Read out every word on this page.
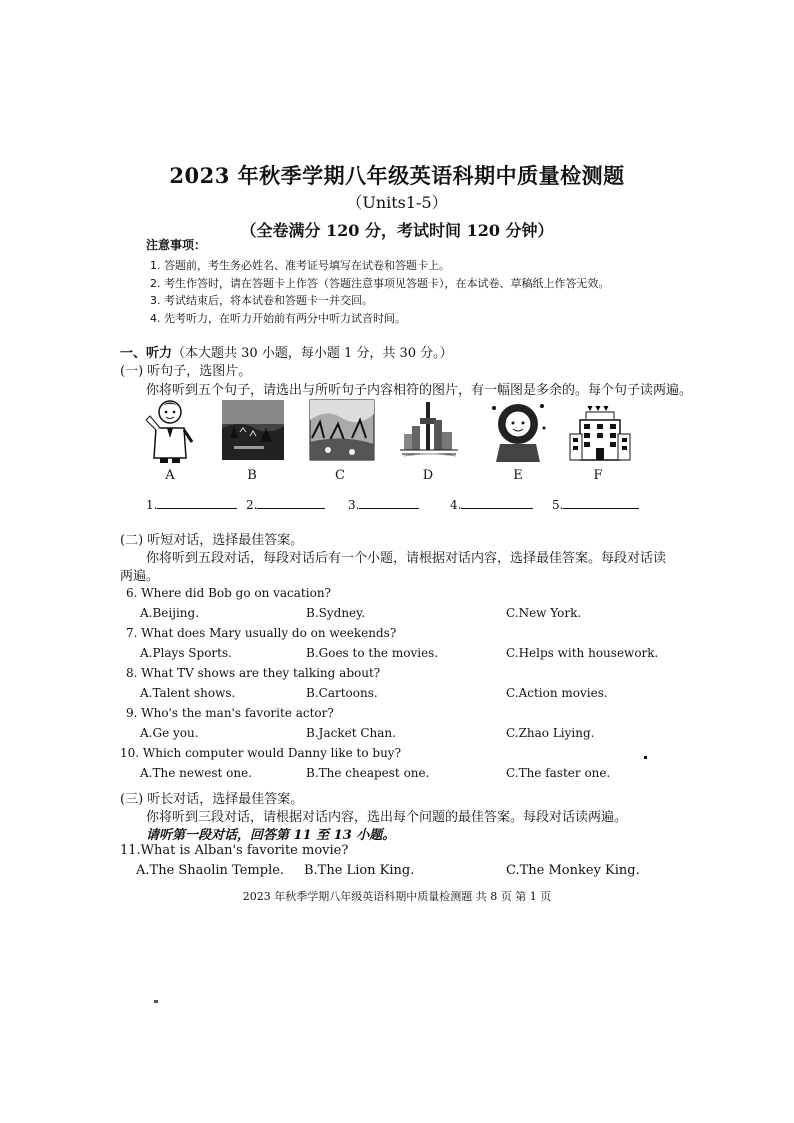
2023 年秋季学期八年级英语科期中质量检测题
（Units1-5）
（全卷满分 120 分，考试时间 120 分钟）
注意事项：
1. 答题前，考生务必姓名、准考证号填写在试卷和答题卡上。
2. 考生作答时，请在答题卡上作答（答题注意事项见答题卡），在本试卷、草稿纸上作答无效。
3. 考试结束后，将本试卷和答题卡一并交回。
4. 先考听力，在听力开始前有两分中听力试音时间。
一、听力（本大题共 30 小题，每小题 1 分，共 30 分。）
(一) 听句子，选图片。
你将听到五个句子，请选出与所听句子内容相符的图片，有一幅图是多余的。每个句子读两遍。
A	B	C	D	E	F
1.	2.	3.	4.	5.
(二) 听短对话，选择最佳答案。
你将听到五段对话，每段对话后有一个小题，请根据对话内容，选择最佳答案。每段对话读
两遍。
6. Where did Bob go on vacation?
A.Beijing.	B.Sydney.	C.New York.
7. What does Mary usually do on weekends?
A.Plays Sports.	B.Goes to the movies.	C.Helps with housework.
8. What TV shows are they talking about?
A.Talent shows.	B.Cartoons.	C.Action movies.
9. Who's the man's favorite actor?
A.Ge you.	B.Jacket Chan.	C.Zhao Liying.
10. Which computer would Danny like to buy?
A.The newest one.	B.The cheapest one.	C.The faster one.
(三) 听长对话，选择最佳答案。
你将听到三段对话，请根据对话内容，选出每个问题的最佳答案。每段对话读两遍。
请听第一段对话，回答第 11 至 13 小题。
11.What is Alban's favorite movie?
A.The Shaolin Temple. B.The Lion King.	C.The Monkey King.
2023 年秋季学期八年级英语科期中质量检测题 共 8 页 第 1 页
